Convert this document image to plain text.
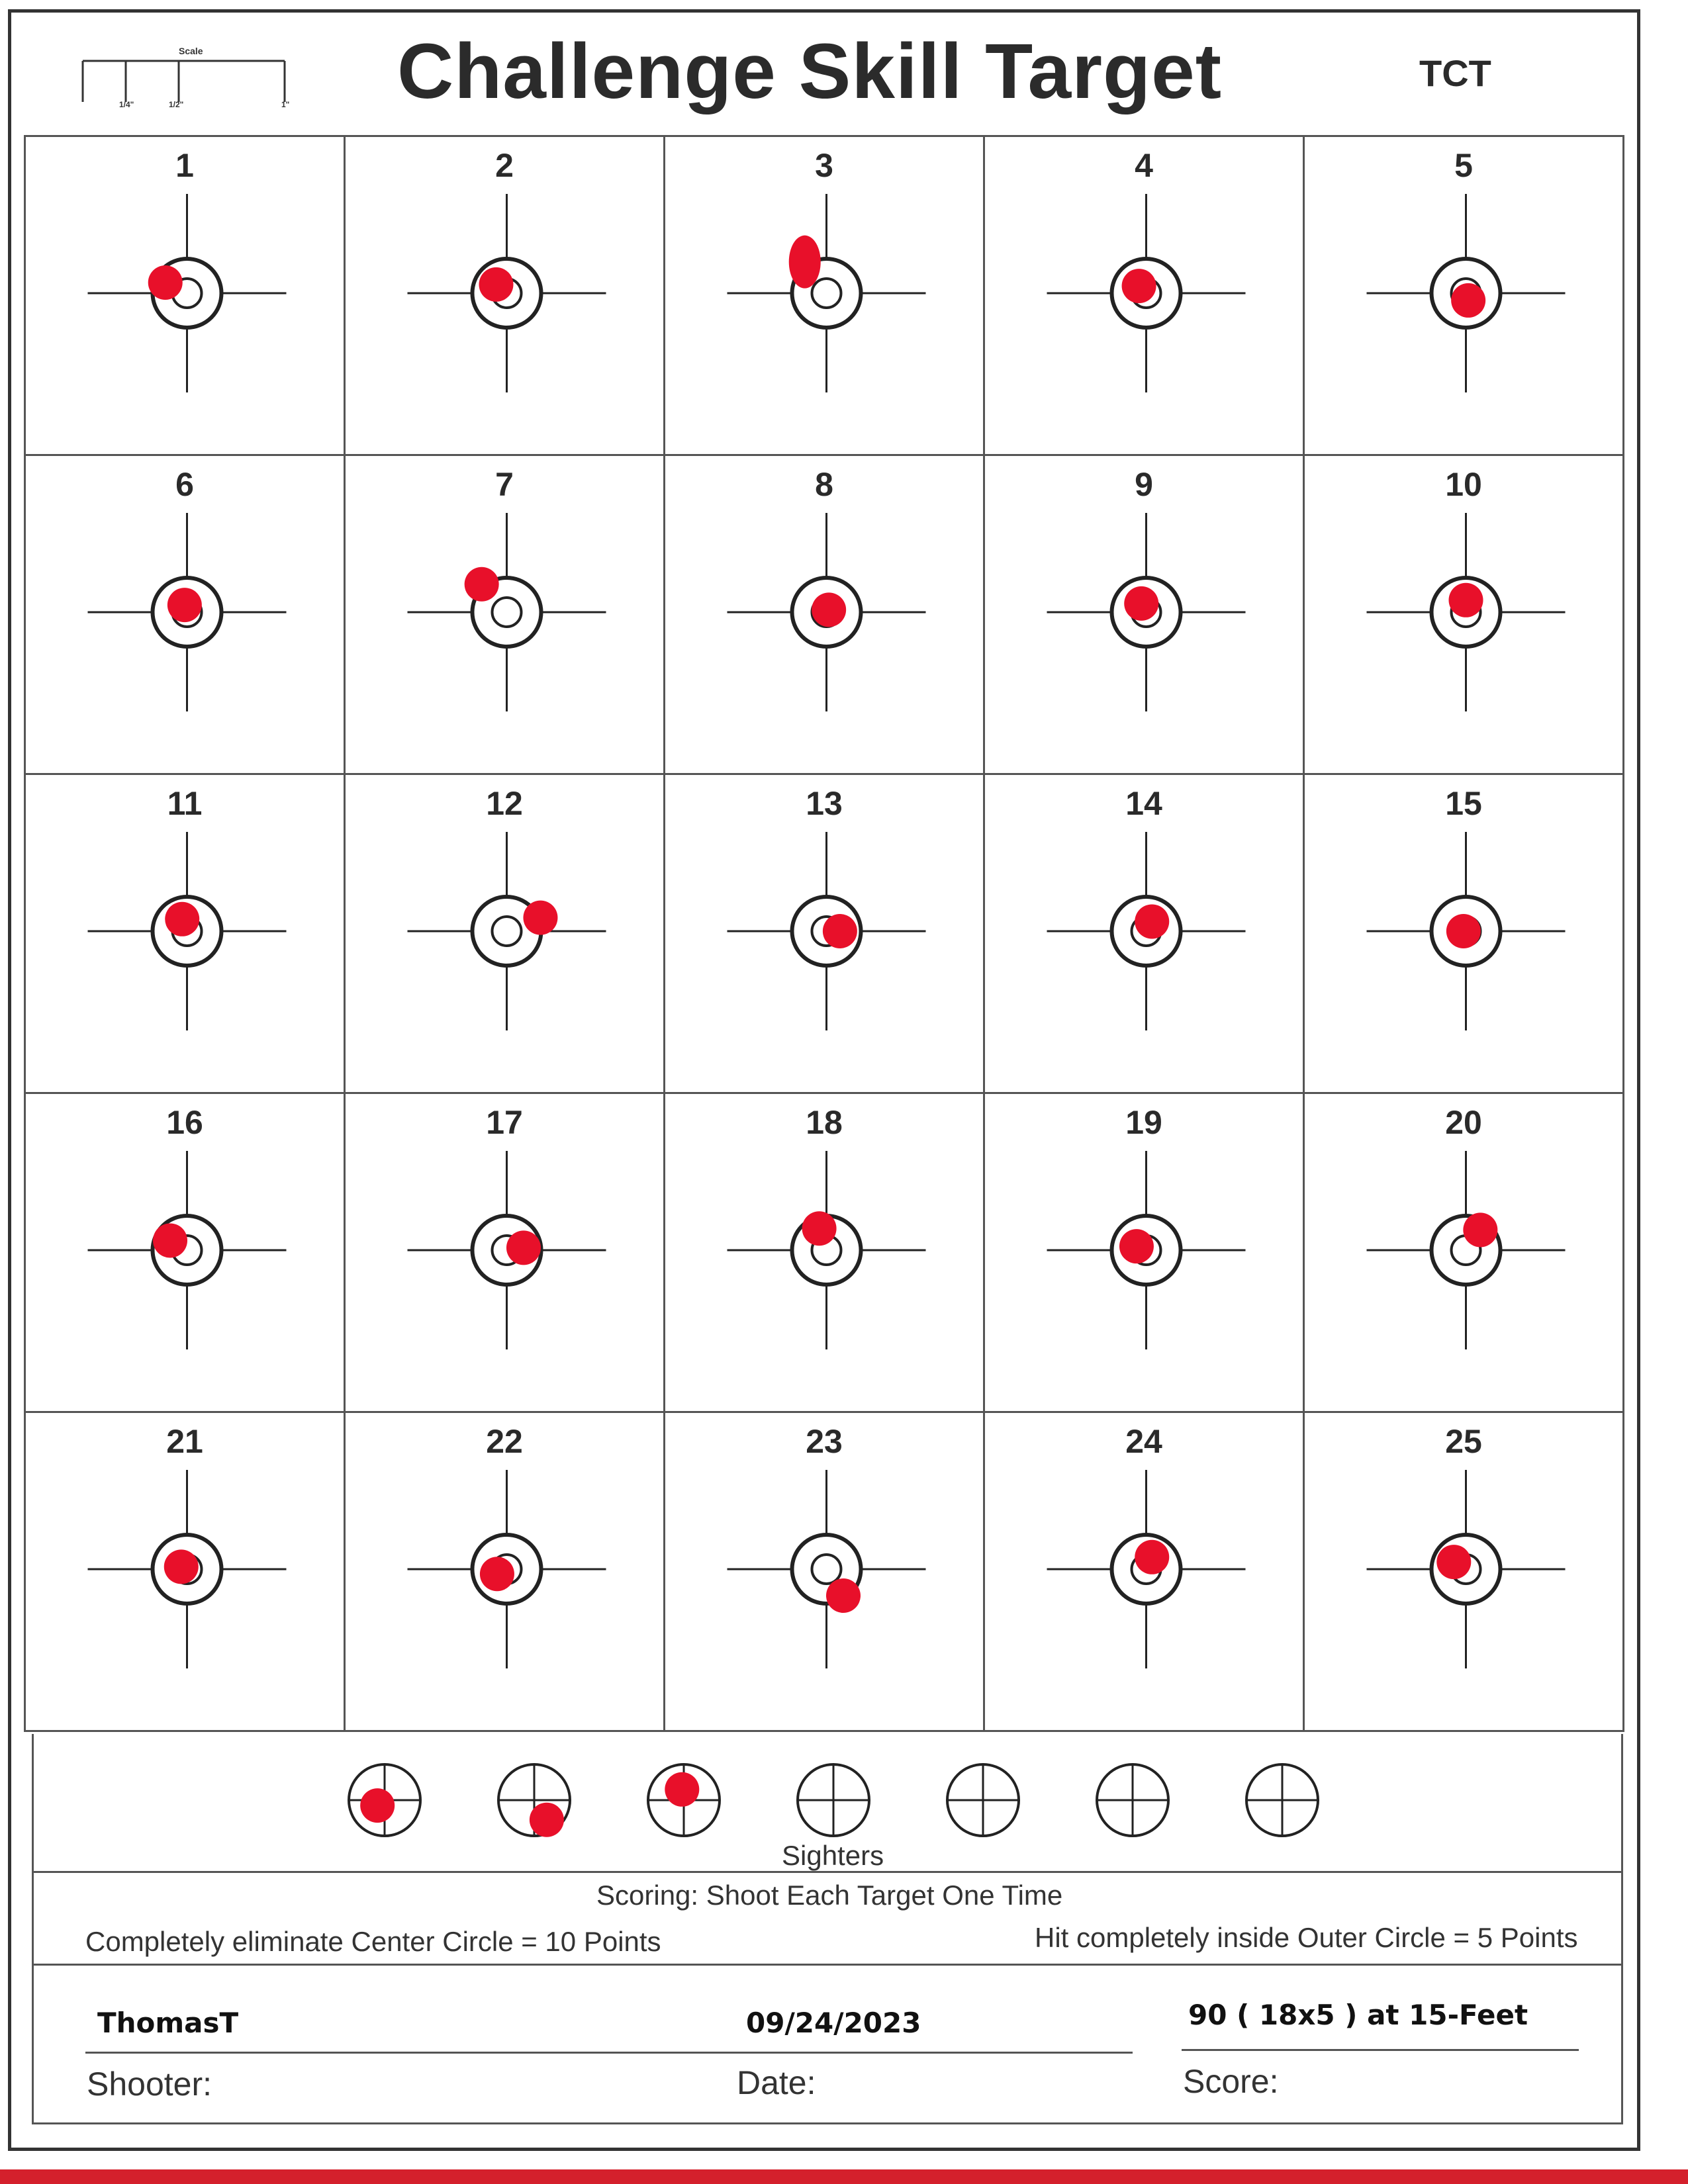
Scale
1/4"	1/2"	1" Challenge Skill Target	TCT
1	2	3	4	5
6	7	8	9	10
11	12	13	14	15
16	17	18	19	20
21	22	23	24	25
Sighters
Scoring: Shoot Each Target One Time
Completely eliminate Center Circle = 10 Points	Hit completely inside Outer Circle = 5 Points
ThomasT
Shooter:
09/24/2023
Date:
90 ( 18x5 ) at 15-Feet
Score:
